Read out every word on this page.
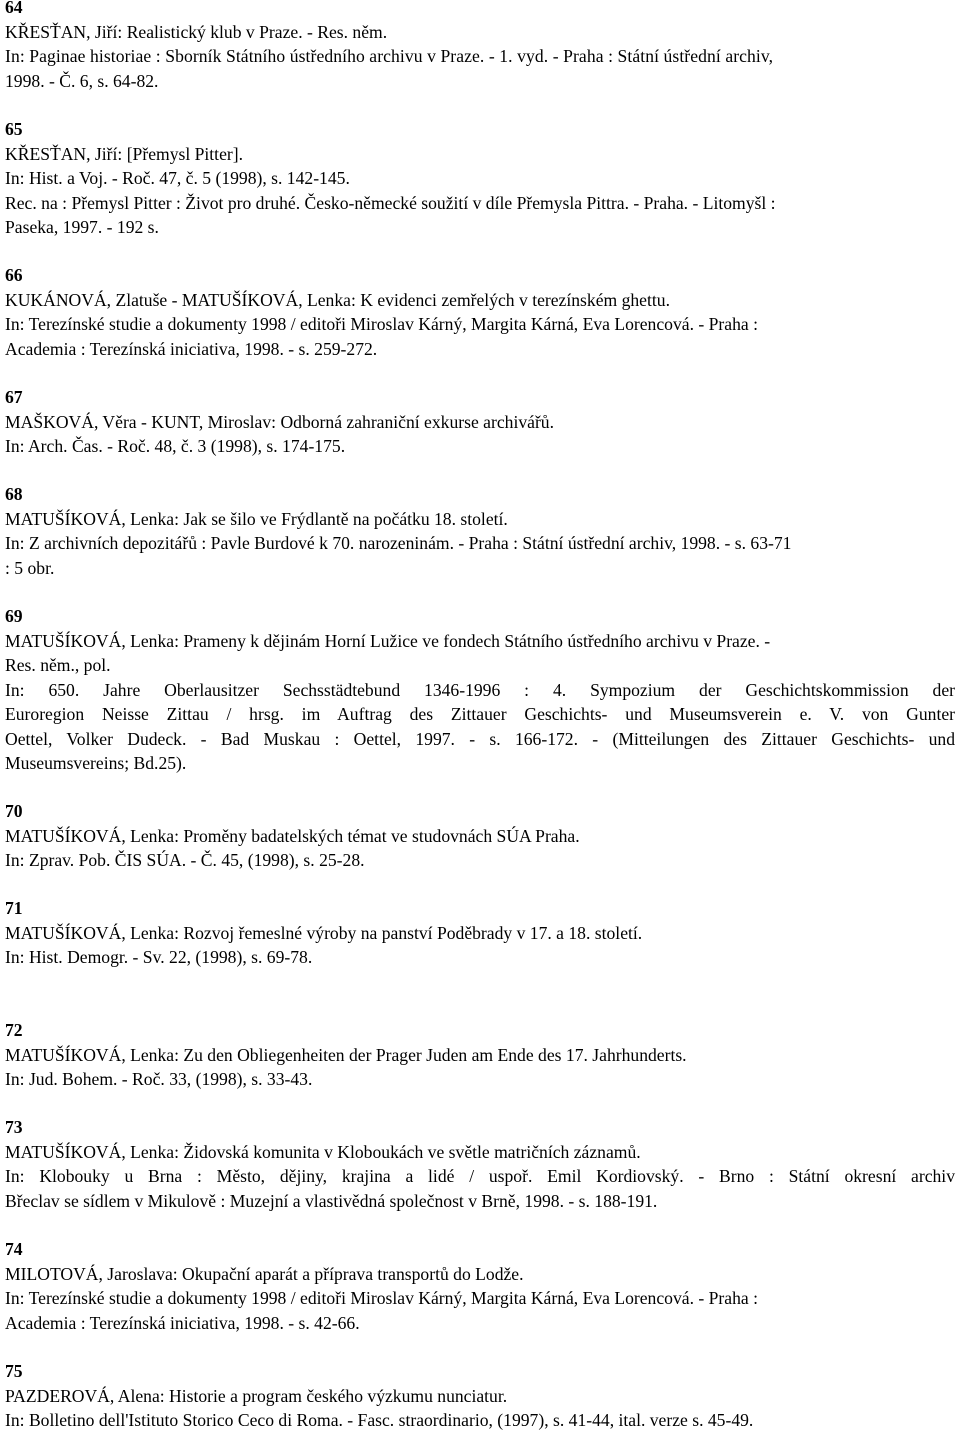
64
KŘESŤAN, Jiří: Realistický klub v Praze. - Res. něm.
In: Paginae historiae : Sborník Státního ústředního archivu v Praze. - 1. vyd. - Praha : Státní ústřední archiv,
1998. - Č. 6, s. 64-82.
65
KŘESŤAN, Jiří: [Přemysl Pitter].
In: Hist. a Voj. - Roč. 47, č. 5 (1998), s. 142-145.
Rec. na : Přemysl Pitter : Život pro druhé. Česko-německé soužití v díle Přemysla Pittra. - Praha. - Litomyšl :
Paseka, 1997. - 192 s.
66
KUKÁNOVÁ, Zlatuše - MATUŠÍKOVÁ, Lenka: K evidenci zemřelých v terezínském ghettu.
In: Terezínské studie a dokumenty 1998 / editoři Miroslav Kárný, Margita Kárná, Eva Lorencová. - Praha :
Academia : Terezínská iniciativa, 1998. - s. 259-272.
67
MAŠKOVÁ, Věra - KUNT, Miroslav: Odborná zahraniční exkurse archivářů.
In: Arch. Čas. - Roč. 48, č. 3 (1998), s. 174-175.
68
MATUŠÍKOVÁ, Lenka: Jak se šilo ve Frýdlantě na počátku 18. století.
In: Z archivních depozitářů : Pavle Burdové k 70. narozeninám. - Praha : Státní ústřední archiv, 1998. - s. 63-71
: 5 obr.
69
MATUŠÍKOVÁ, Lenka: Prameny k dějinám Horní Lužice ve fondech Státního ústředního archivu v Praze. -
Res. něm., pol.
In: 650. Jahre Oberlausitzer Sechsstädtebund 1346-1996 : 4. Sympozium der Geschichtskommission der
Euroregion Neisse Zittau / hrsg. im Auftrag des Zittauer Geschichts- und Museumsverein e. V. von Gunter
Oettel, Volker Dudeck. - Bad Muskau : Oettel, 1997. - s. 166-172. - (Mitteilungen des Zittauer Geschichts- und
Museumsvereins; Bd.25).
70
MATUŠÍKOVÁ, Lenka: Proměny badatelských témat ve studovnách SÚA Praha.
In: Zprav. Pob. ČIS SÚA. - Č. 45, (1998), s. 25-28.
71
MATUŠÍKOVÁ, Lenka: Rozvoj řemeslné výroby na panství Poděbrady v 17. a 18. století.
In: Hist. Demogr. - Sv. 22, (1998), s. 69-78.
72
MATUŠÍKOVÁ, Lenka: Zu den Obliegenheiten der Prager Juden am Ende des 17. Jahrhunderts.
In: Jud. Bohem. - Roč. 33, (1998), s. 33-43.
73
MATUŠÍKOVÁ, Lenka: Židovská komunita v Kloboukách ve světle matričních záznamů.
In: Klobouky u Brna : Město, dějiny, krajina a lidé / uspoř. Emil Kordiovský. - Brno : Státní okresní archiv
Břeclav se sídlem v Mikulově : Muzejní a vlastivědná společnost v Brně, 1998. - s. 188-191.
74
MILOTOVÁ, Jaroslava: Okupační aparát a příprava transportů do Lodže.
In: Terezínské studie a dokumenty 1998 / editoři Miroslav Kárný, Margita Kárná, Eva Lorencová. - Praha :
Academia : Terezínská iniciativa, 1998. - s. 42-66.
75
PAZDEROVÁ, Alena: Historie a program českého výzkumu nunciatur.
In: Bolletino dell'Istituto Storico Ceco di Roma. - Fasc. straordinario, (1997), s. 41-44, ital. verze s. 45-49.
